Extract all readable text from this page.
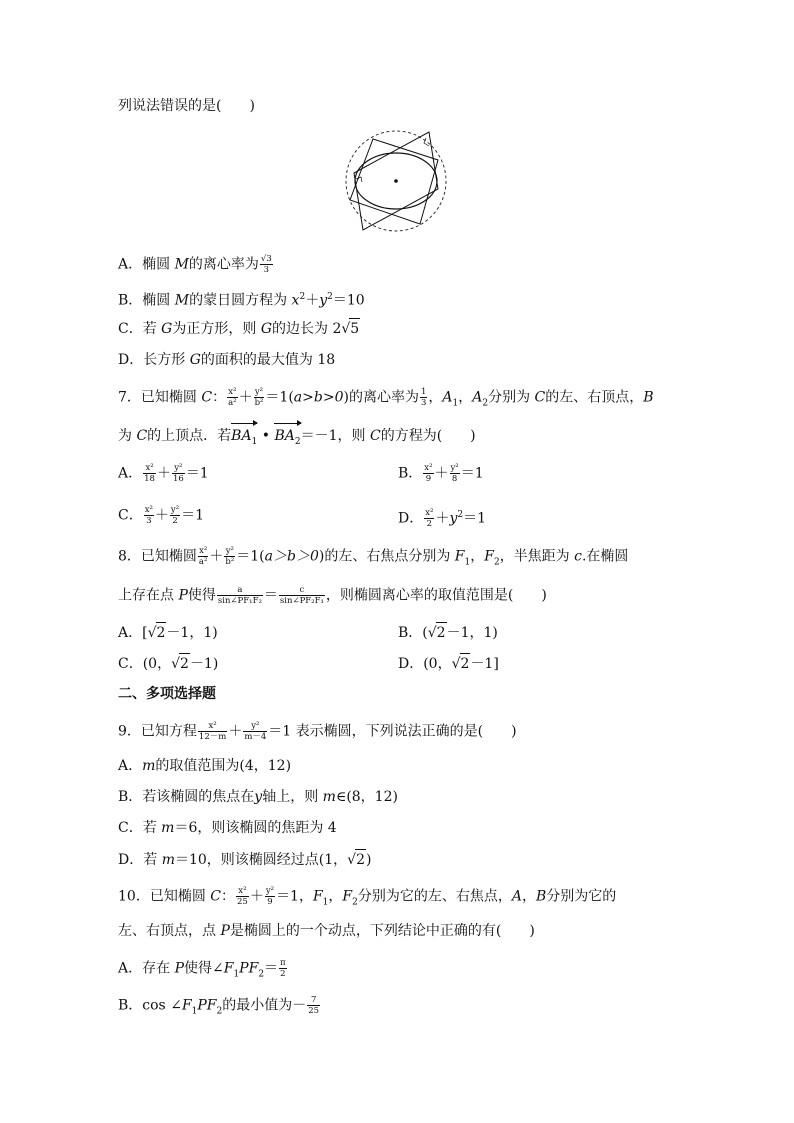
列说法错误的是(　　)
A．椭圆 M的离心率为 $\frac{√3}{3}$
B．椭圆 M的蒙日圆方程为 $x^2+y^2=10$
C．若 G为正方形，则 G的边长为 2√5
D．长方形 G的面积的最大值为 18
7．已知椭圆 C： $\frac{\text{x²}}{\text{a²}} + \frac{\text{y²}}{\text{b²}} =1(a>b>0)$的离心率为 $\frac{1}{3}$ ，$A_1$，$A_2$分别为 C的左、右顶点，B
为 C的上顶点．若$BA_1$ • $BA_2=-1$，则 C的方程为(　　)
A． $\frac{\text{x²}}{18} + \frac{\text{y²}}{16} =1$	B． $\frac{\text{x²}}{9} + \frac{\text{y²}}{8} =1$
C． $\frac{\text{x²}}{3} + \frac{\text{y²}}{2} =1$	D． $\frac{\text{x²}}{2} +y^2=1$
8．已知椭圆 $\frac{\text{x²}}{\text{a²}} + \frac{\text{y²}}{\text{b²}} =1(a>b>0)$的左、右焦点分别为 $F_1$，$F_2$，半焦距为 c.在椭圆
上存在点 P使得 $\frac{a}{\text{sin∠PF₁F₂}} = \frac{c}{\text{sin∠PF₂F₁}}$ ，则椭圆离心率的取值范围是(　　)
A．[√2－1，1)	B．(√2－1，1)
C．(0，√2－1)	D．(0，√2－1]
二、多项选择题
9．已知方程 $\frac{\text{x²}}{12-m} + \frac{\text{y²}}{m-4} =1$ 表示椭圆，下列说法正确的是(　　)
A．m的取值范围为(4，12)
B．若该椭圆的焦点在y轴上，则 m∈(8，12)
C．若 m＝6，则该椭圆的焦距为 4
D．若 m＝10，则该椭圆经过点(1，√2)
10．已知椭圆 C： $\frac{\text{x²}}{25} + \frac{\text{y²}}{9} =1$，$F_1$，$F_2$分别为它的左、右焦点，A，B分别为它的
左、右顶点，点 P是椭圆上的一个动点，下列结论中正确的有(　　)
A．存在 P使得$\angle F_1PF_2= \frac{\pi}{2}$
B．$\cos \angle F_1PF_2$的最小值为－ $\frac{7}{25}$
